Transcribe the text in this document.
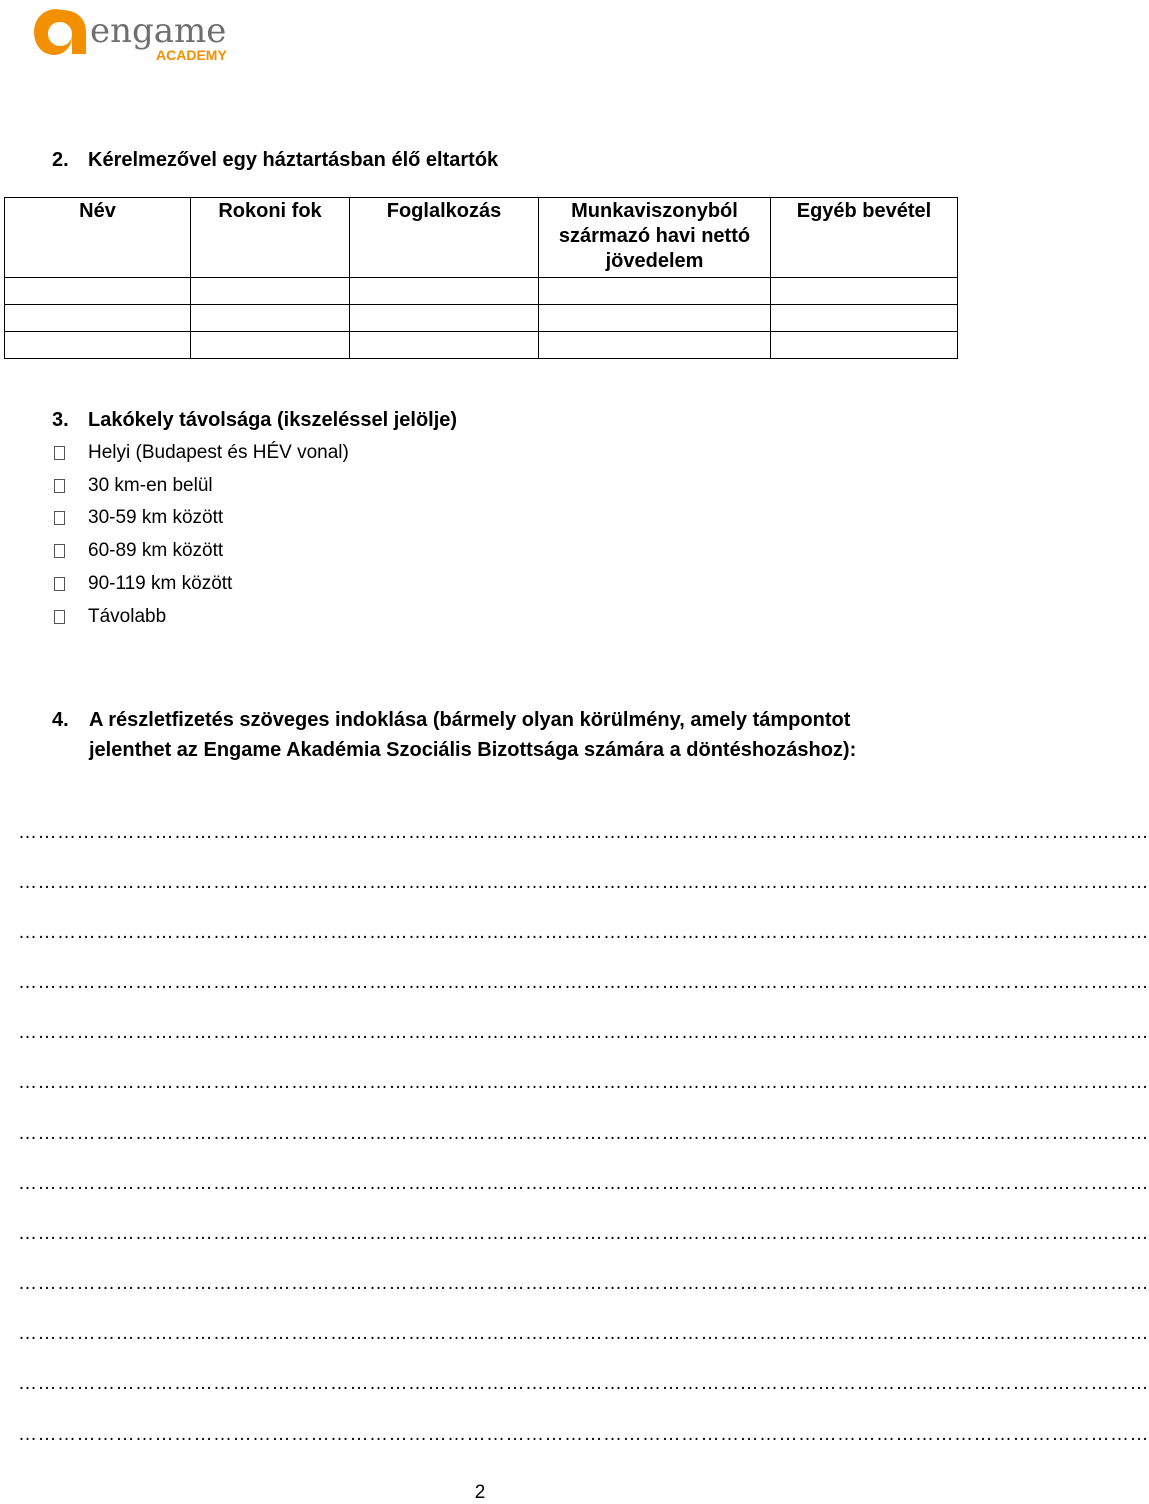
engame
ACADEMY
2. Kérelmezővel egy háztartásban élő eltartók
Név	Rokoni fok	Foglalkozás	Munkaviszonyból származó havi nettó jövedelem	Egyéb bevétel

3. Lakókely távolsága (ikszeléssel jelölje)
Helyi (Budapest és HÉV vonal)
30 km-en belül
30-59 km között
60-89 km között
90-119 km között
Távolabb
4. A részletfizetés szöveges indoklása (bármely olyan körülmény, amely támpontot jelenthet az Engame Akadémia Szociális Bizottsága számára a döntéshozáshoz):
…………………………………………………………………………………………………………………………………………………………
…………………………………………………………………………………………………………………………………………………………
…………………………………………………………………………………………………………………………………………………………
…………………………………………………………………………………………………………………………………………………………
…………………………………………………………………………………………………………………………………………………………
…………………………………………………………………………………………………………………………………………………………
…………………………………………………………………………………………………………………………………………………………
…………………………………………………………………………………………………………………………………………………………
…………………………………………………………………………………………………………………………………………………………
…………………………………………………………………………………………………………………………………………………………
…………………………………………………………………………………………………………………………………………………………
…………………………………………………………………………………………………………………………………………………………
…………………………………………………………………………………………………………………………………………………………
2
